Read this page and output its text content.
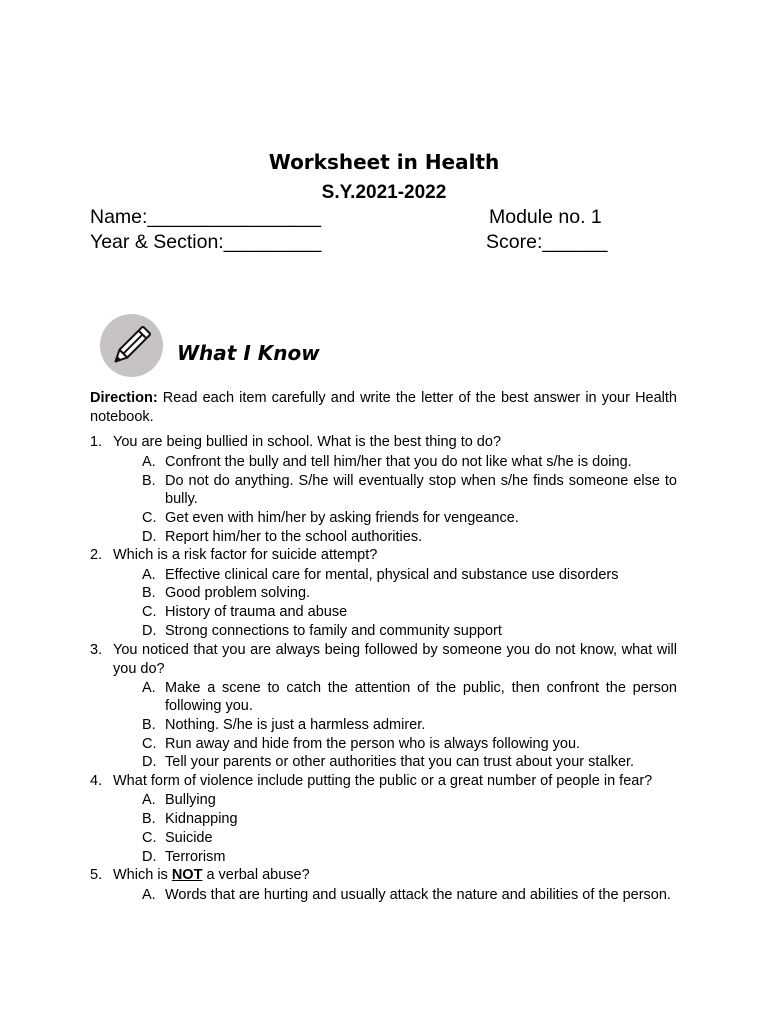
Worksheet in Health
S.Y.2021-2022
Name:________________	Module no. 1
Year & Section:_________	Score:______
What I Know
Direction: Read each item carefully and write the letter of the best answer in your Health notebook.
1. You are being bullied in school. What is the best thing to do?
A. Confront the bully and tell him/her that you do not like what s/he is doing.
B. Do not do anything. S/he will eventually stop when s/he finds someone else to    bully.
C. Get even with him/her by asking friends for vengeance.
D. Report him/her to the school authorities.
2. Which is a risk factor for suicide attempt?
A. Effective clinical care for mental, physical and substance use disorders
B. Good problem solving.
C. History of trauma and abuse
D. Strong connections to family and community support
3. You noticed that you are always being followed by someone you do not know, what will you do?
A. Make a scene to catch the attention of the public, then confront the person following you.
B. Nothing. S/he is just a harmless admirer.
C. Run away and hide from the person who is always following you.
D. Tell your parents or other authorities that you can trust about your stalker.
4. What form of violence include putting the public or a great number of people in fear?
A. Bullying
B. Kidnapping
C. Suicide
D. Terrorism
5. Which is NOT a verbal abuse?
A. Words that are hurting and usually attack the nature and abilities of the person.
